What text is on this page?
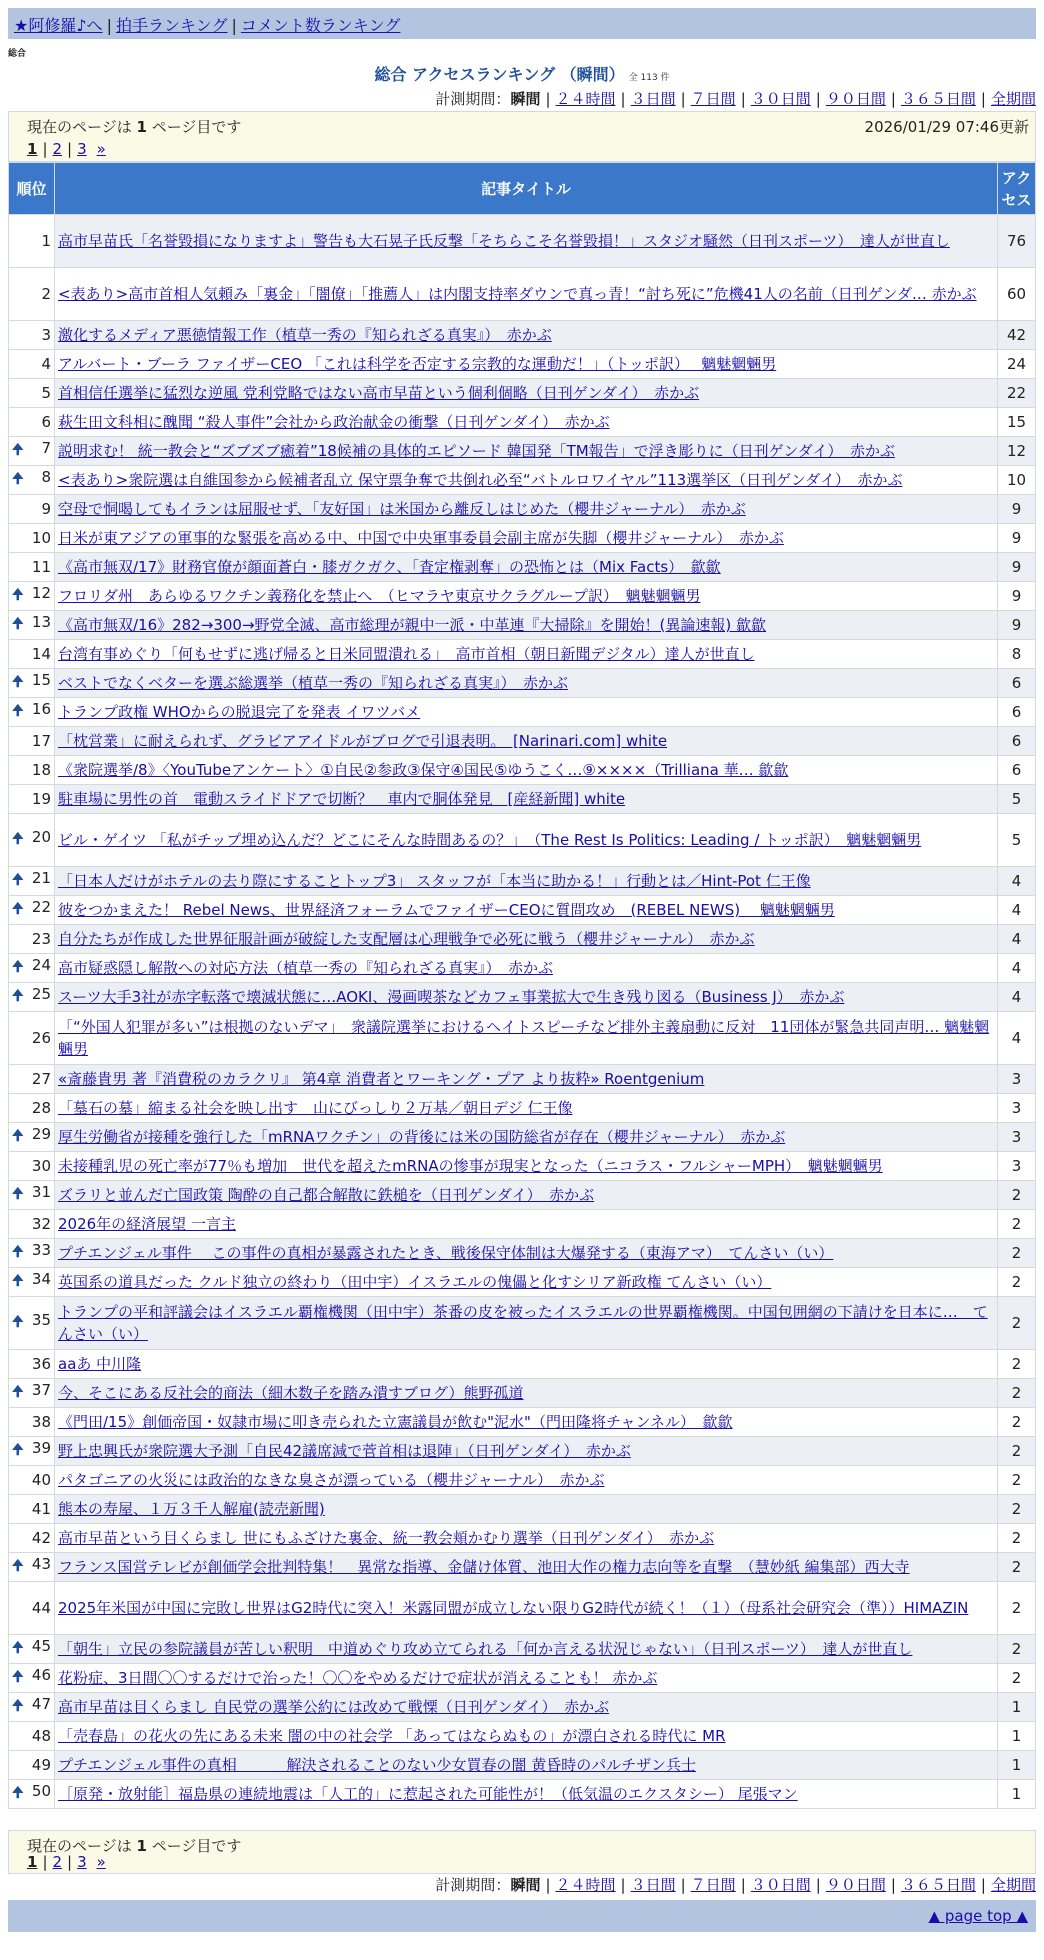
★阿修羅♪へ | 拍手ランキング | コメント数ランキング
総合
総合 アクセスランキング （瞬間） 全 113 件
計測期間：瞬間 | ２４時間 | ３日間 | ７日間 | ３０日間 | ９０日間 | ３６５日間 | 全期間
現在のページは 1 ページ目です	2026/01/29 07:46更新
1 | 2 | 3 »
順位	記事タイトル	アクセス
1	高市早苗氏「名誉毀損になりますよ」警告も大石晃子氏反撃「そちらこそ名誉毀損！」スタジオ騒然（日刊スポーツ）　達人が世直し	76
2	<表あり>高市首相人気頼み「裏金」「闇僚」「推薦人」は内閣支持率ダウンで真っ青！“討ち死に”危機41人の名前（日刊ゲンダ… 赤かぶ	60
3	激化するメディア悪徳情報工作（植草一秀の『知られざる真実』）　赤かぶ	42
4	アルバート・ブーラ ファイザーCEO 「これは科学を否定する宗教的な運動だ！」（トッポ訳）　 魑魅魍魎男	24
5	首相信任選挙に猛烈な逆風 党利党略ではない高市早苗という個利個略（日刊ゲンダイ）　赤かぶ	22
6	萩生田文科相に醜聞 “殺人事件”会社から政治献金の衝撃（日刊ゲンダイ）　赤かぶ	15

🠉 7	説明求む！ 統一教会と“ズブズブ癒着”18候補の具体的エピソード 韓国発「TM報告」で浮き彫りに（日刊ゲンダイ）　赤かぶ	12

🠉 8	<表あり>衆院選は自維国参から候補者乱立 保守票争奪で共倒れ必至“バトルロワイヤル”113選挙区（日刊ゲンダイ）　赤かぶ	10
9	空母で恫喝してもイランは屈服せず、「友好国」は米国から離反しはじめた（櫻井ジャーナル）　赤かぶ	9
10	日米が東アジアの軍事的な緊張を高める中、中国で中央軍事委員会副主席が失脚（櫻井ジャーナル）　赤かぶ	9
11	《高市無双/17》財務官僚が顔面蒼白・膝ガクガク、「査定権剥奪」の恐怖とは（Mix Facts）　歙歙	9

🠉 12	フロリダ州　あらゆるワクチン義務化を禁止へ　（ヒマラヤ東京サクラグループ訳）　魑魅魍魎男	9

🠉 13	《高市無双/16》282→300→野党全滅、高市総理が親中一派・中革連『大掃除』を開始！(異論速報) 歙歙	9
14	台湾有事めぐり「何もせずに逃げ帰ると日米同盟潰れる」　高市首相（朝日新聞デジタル）達人が世直し	8

🠉 15	ベストでなくベターを選ぶ総選挙（植草一秀の『知られざる真実』）　赤かぶ	6

🠉 16	トランプ政権 WHOからの脱退完了を発表 イワツバメ	6
17	「枕営業」に耐えられず、グラビアアイドルがブログで引退表明。　[Narinari.com] white	6
18	《衆院選挙/8》〈YouTubeアンケート〉①自民②参政③保守④国民⑤ゆうこく…⑨××××（Trilliana 華… 歙歙	6
19	駐車場に男性の首　電動スライドドアで切断？　車内で胴体発見　[産経新聞] white	5

🠉 20	ビル・ゲイツ 「私がチップ埋め込んだ？どこにそんな時間あるの？」　（The Rest Is Politics: Leading / トッポ訳）　魑魅魍魎男	5

🠉 21	「日本人だけがホテルの去り際にすることトップ3」 スタッフが「本当に助かる！」行動とは／Hint-Pot 仁王像	4

🠉 22	彼をつかまえた！ Rebel News、世界経済フォーラムでファイザーCEOに質問攻め　(REBEL NEWS)　 魑魅魍魎男	4
23	自分たちが作成した世界征服計画が破綻した支配層は心理戦争で必死に戦う（櫻井ジャーナル）　赤かぶ	4

🠉 24	高市疑惑隠し解散への対応方法（植草一秀の『知られざる真実』）　赤かぶ	4

🠉 25	スーツ大手3社が赤字転落で壊滅状態に…AOKI、漫画喫茶などカフェ事業拡大で生き残り図る（Business J）　赤かぶ	4
26	「“外国人犯罪が多い”は根拠のないデマ」　衆議院選挙におけるヘイトスピーチなど排外主義扇動に反対　11団体が緊急共同声明… 魑魅魍魎男	4
27	«斎藤貴男 著『消費税のカラクリ』 第4章 消費者とワーキング・プア より抜粋» Roentgenium	3
28	「墓石の墓」縮まる社会を映し出す　山にびっしり２万基／朝日デジ 仁王像	3

🠉 29	厚生労働省が接種を強行した「mRNAワクチン」の背後には米の国防総省が存在（櫻井ジャーナル）　赤かぶ	3
30	未接種乳児の死亡率が77％も増加　世代を超えたmRNAの惨事が現実となった（ニコラス・フルシャーMPH）　魑魅魍魎男	3

🠉 31	ズラリと並んだ亡国政策 陶酔の自己都合解散に鉄槌を（日刊ゲンダイ）　赤かぶ	2
32	2026年の経済展望 一言主	2

🠉 33	プチエンジェル事件　 この事件の真相が暴露されたとき、戦後保守体制は大爆発する（東海アマ）　てんさい（い）	2

🠉 34	英国系の道具だった クルド独立の終わり（田中宇）イスラエルの傀儡と化すシリア新政権 てんさい（い）	2

🠉 35	トランプの平和評議会はイスラエル覇権機関（田中宇）茶番の皮を被ったイスラエルの世界覇権機関。中国包囲網の下請けを日本に…　てんさい（い）	2
36	aaあ 中川隆	2

🠉 37	今、そこにある反社会的商法（細木数子を踏み潰すブログ）熊野孤道	2
38	《門田/15》創価帝国・奴隷市場に叩き売られた立憲議員が飲む"泥水"（門田隆将チャンネル）　歙歙	2

🠉 39	野上忠興氏が衆院選大予測「自民42議席減で菅首相は退陣」（日刊ゲンダイ）　赤かぶ	2
40	パタゴニアの火災には政治的なきな臭さが漂っている（櫻井ジャーナル）　赤かぶ	2
41	熊本の寿屋、１万３千人解雇(読売新聞)	2
42	高市早苗という目くらまし 世にもふざけた裏金、統一教会頬かむり選挙（日刊ゲンダイ）　赤かぶ	2

🠉 43	フランス国営テレビが創価学会批判特集！　異常な指導、金儲け体質、池田大作の権力志向等を直撃　（慧妙紙 編集部）西大寺	2
44	2025年米国が中国に完敗し世界はG2時代に突入！米露同盟が成立しない限りG2時代が続く！（１）（母系社会研究会（準））HIMAZIN	2

🠉 45	「朝生」立民の参院議員が苦しい釈明　中道めぐり攻め立てられる「何か言える状況じゃない」（日刊スポーツ）　達人が世直し	2

🠉 46	花粉症、3日間〇〇するだけで治った！〇〇をやめるだけで症状が消えることも！ 赤かぶ	2

🠉 47	高市早苗は目くらまし 自民党の選挙公約には改めて戦慄（日刊ゲンダイ）　赤かぶ	1
48	「売春島」の花火の先にある未来 闇の中の社会学 「あってはならぬもの」が漂白される時代に MR	1
49	プチエンジェル事件の真相　　　 解決されることのない少女買春の闇 黄昏時のパルチザン兵士	1

🠉 50	［原発・放射能］福島県の連続地震は「人工的」に惹起された可能性が！（低気温のエクスタシー） 尾張マン	1
現在のページは 1 ページ目です
1 | 2 | 3 »
計測期間：瞬間 | ２４時間 | ３日間 | ７日間 | ３０日間 | ９０日間 | ３６５日間 | 全期間
▲ page top ▲
